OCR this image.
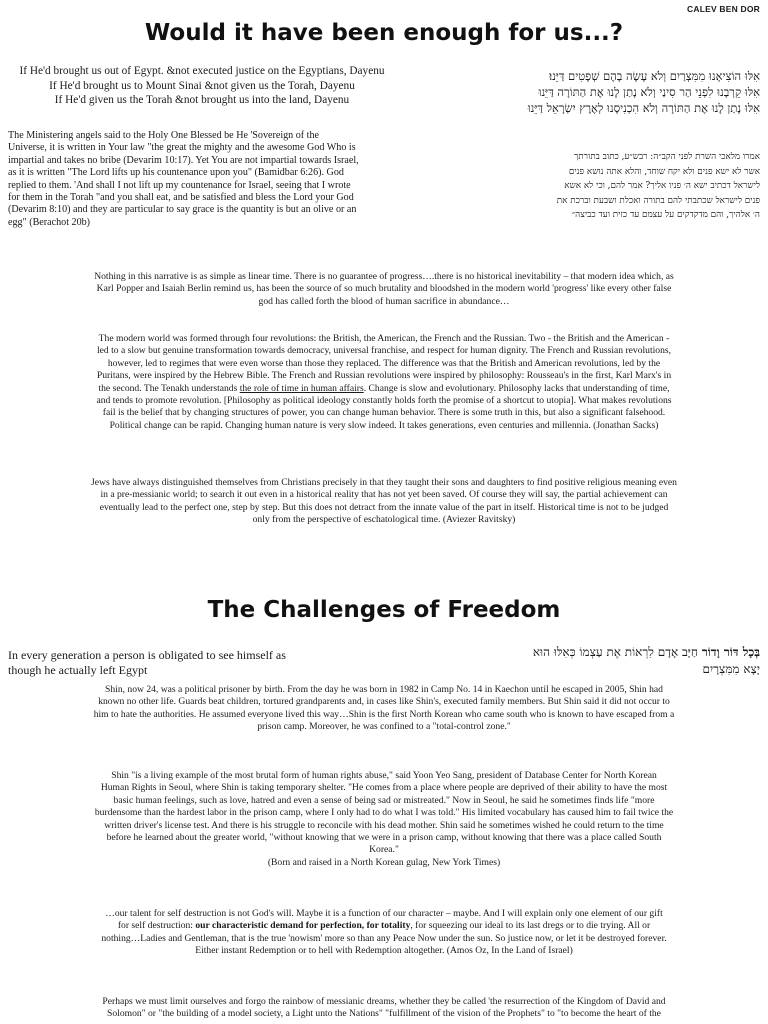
CALEV BEN DOR
Would it have been enough for us...?
If He'd brought us out of Egypt. &not executed justice on the Egyptians, Dayenu
If He'd brought us to Mount Sinai &not given us the Torah, Dayenu
If He'd given us the Torah &not brought us into the land, Dayenu
אִלּוּ הוֹצִיאָנוּ מִמִּצְרַיִם וְלֹא עָשָׂה בָהֶם שְׁפָטִים דַּיֵּנוּ׃
אִלּוּ קֵרְבָנוּ לִפְנֵי הַר סִינַי וְלֹא נָתַן לָנוּ אֶת הַתּוֹרָה דַּיֵּנוּ
אִלּוּ נָתַן לָנוּ אֶת הַתּוֹרָה וְלֹא הִכְנִיסָנוּ לְאֶרֶץ יִשְׂרָאֵל דַּיֵּנוּ
The Ministering angels said to the Holy One Blessed be He 'Sovereign of the
Universe, it is written in Your law "the great the mighty and the awesome God Who is
impartial and takes no bribe (Devarim 10:17). Yet You are not impartial towards Israel,
as it is written "The Lord lifts up his countenance upon you" (Bamidbar 6:26). God
replied to them. 'And shall I not lift up my countenance for Israel, seeing that I wrote
for them in the Torah "and you shall eat, and be satisfied and bless the Lord your God
(Devarim 8:10) and they are particular to say grace is the quantity is but an olive or an
egg" (Berachot 20b)
אמרו מלאכי השרת לפני הקב״ה: רבש״ע, כתוב בתורתך
אשר לא ישא פנים ולא יקח שוחד, והלא אתה נושא פנים
לישראל דכתיב ישא ה׳ פניו אליך? אמר להם, וכי לא אשא
פנים לישראל שכתבתי להם בתורה ואכלת ושבעת וברכת את
ה׳ אלהיך, והם מדקדקים על עצמם עד כזית ועד כביצה״
Nothing in this narrative is as simple as linear time. There is no guarantee of progress….there is no historical inevitability – that modern idea which, as
Karl Popper and Isaiah Berlin remind us, has been the source of so much brutality and bloodshed in the modern world 'progress' like every other false
god has called forth the blood of human sacrifice in abundance…
The modern world was formed through four revolutions: the British, the American, the French and the Russian. Two - the British and the American -
led to a slow but genuine transformation towards democracy, universal franchise, and respect for human dignity. The French and Russian revolutions,
however, led to regimes that were even worse than those they replaced. The difference was that the British and American revolutions, led by the
Puritans, were inspired by the Hebrew Bible. The French and Russian revolutions were inspired by philosophy: Rousseau's in the first, Karl Marx's in
the second. The Tenakh understands the role of time in human affairs. Change is slow and evolutionary. Philosophy lacks that understanding of time,
and tends to promote revolution. [Philosophy as political ideology constantly holds forth the promise of a shortcut to utopia]. What makes revolutions
fail is the belief that by changing structures of power, you can change human behavior. There is some truth in this, but also a significant falsehood.
Political change can be rapid. Changing human nature is very slow indeed. It takes generations, even centuries and millennia. (Jonathan Sacks)
Jews have always distinguished themselves from Christians precisely in that they taught their sons and daughters to find positive religious meaning even
in a pre-messianic world; to search it out even in a historical reality that has not yet been saved. Of course they will say, the partial achievement can
eventually lead to the perfect one, step by step. But this does not detract from the innate value of the part in itself. Historical time is not to be judged
only from the perspective of eschatological time. (Aviezer Ravitsky)
The Challenges of Freedom
In every generation a person is obligated to see himself as
though he actually left Egypt
בְּכָל דּוֹר וָדוֹר חַיָּב אָדָם לִרְאוֹת אֶת עַצְמוֹ כְּאִלּוּ הוּא
יָצָא מִמִּצְרָיִם
Shin, now 24, was a political prisoner by birth. From the day he was born in 1982 in Camp No. 14 in Kaechon until he escaped in 2005, Shin had
known no other life. Guards beat children, tortured grandparents and, in cases like Shin's, executed family members. But Shin said it did not occur to
him to hate the authorities. He assumed everyone lived this way…Shin is the first North Korean who came south who is known to have escaped from a
prison camp. Moreover, he was confined to a "total-control zone."
Shin "is a living example of the most brutal form of human rights abuse," said Yoon Yeo Sang, president of Database Center for North Korean
Human Rights in Seoul, where Shin is taking temporary shelter. "He comes from a place where people are deprived of their ability to have the most
basic human feelings, such as love, hatred and even a sense of being sad or mistreated." Now in Seoul, he said he sometimes finds life "more
burdensome than the hardest labor in the prison camp, where I only had to do what I was told." His limited vocabulary has caused him to fail twice the
written driver's license test. And there is his struggle to reconcile with his dead mother. Shin said he sometimes wished he could return to the time
before he learned about the greater world, "without knowing that we were in a prison camp, without knowing that there was a place called South
Korea."
(Born and raised in a North Korean gulag, New York Times)
…our talent for self destruction is not God's will. Maybe it is a function of our character – maybe. And I will explain only one element of our gift
for self destruction: our characteristic demand for perfection, for totality, for squeezing our ideal to its last dregs or to die trying. All or
nothing…Ladies and Gentleman, that is the true 'nowism' more so than any Peace Now under the sun. So justice now, or let it be destroyed forever.
Either instant Redemption or to hell with Redemption altogether. (Amos Oz, In the Land of Israel)
Perhaps we must limit ourselves and forgo the rainbow of messianic dreams, whether they be called 'the resurrection of the Kingdom of David and
Solomon" or "the building of a model society, a Light unto the Nations" "fulfillment of the vision of the Prophets" to "to become the heart of the
